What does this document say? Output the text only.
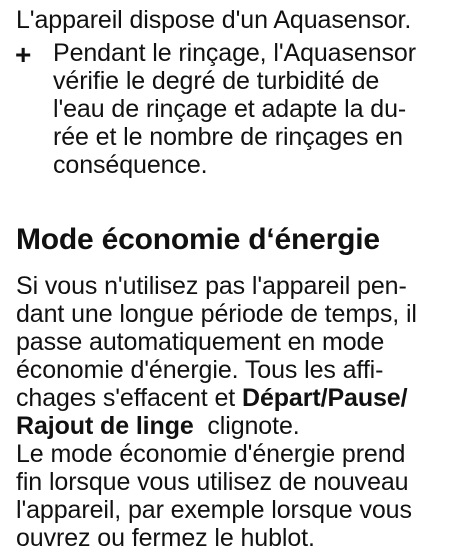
L'appareil dispose d'un Aquasensor.
+ Pendant le rinçage, l'Aquasensor
vérifie le degré de turbidité de
l'eau de rinçage et adapte la du-
rée et le nombre de rinçages en
conséquence.
Mode économie d‘énergie
Si vous n'utilisez pas l'appareil pen-
dant une longue période de temps, il
passe automatiquement en mode
économie d'énergie. Tous les affi-
chages s'effacent et Départ/Pause/
Rajout de linge  clignote.
Le mode économie d'énergie prend
fin lorsque vous utilisez de nouveau
l'appareil, par exemple lorsque vous
ouvrez ou fermez le hublot.
